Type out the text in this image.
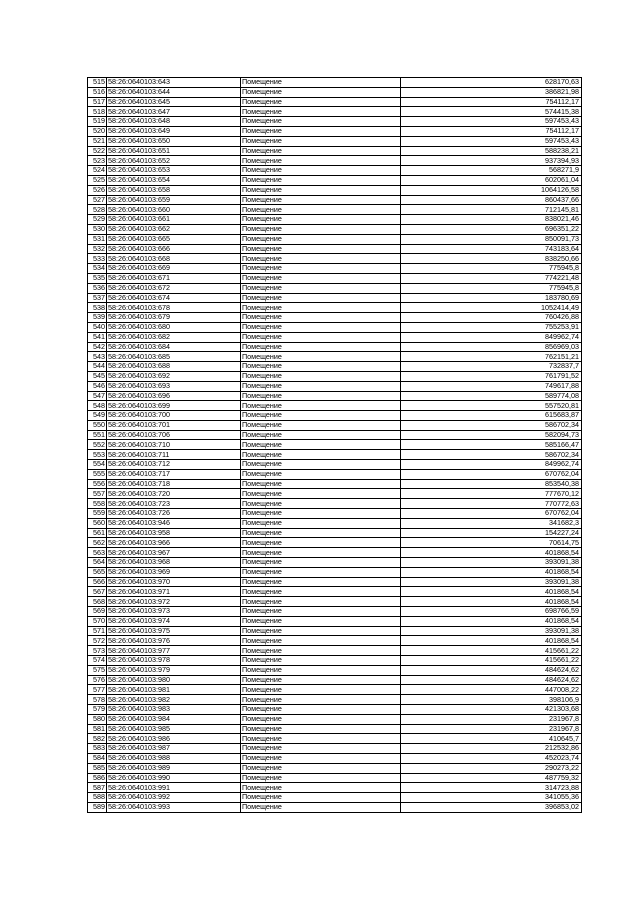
515	58:26:0640103:643	Помещение	628170,63
516	58:26:0640103:644	Помещение	386821,98
517	58:26:0640103:645	Помещение	754112,17
518	58:26:0640103:647	Помещение	574415,38
519	58:26:0640103:648	Помещение	597453,43
520	58:26:0640103:649	Помещение	754112,17
521	58:26:0640103:650	Помещение	597453,43
522	58:26:0640103:651	Помещение	588238,21
523	58:26:0640103:652	Помещение	937394,93
524	58:26:0640103:653	Помещение	568271,9
525	58:26:0640103:654	Помещение	602061,04
526	58:26:0640103:658	Помещение	1064126,58
527	58:26:0640103:659	Помещение	860437,66
528	58:26:0640103:660	Помещение	712145,81
529	58:26:0640103:661	Помещение	838021,46
530	58:26:0640103:662	Помещение	696351,22
531	58:26:0640103:665	Помещение	850091,73
532	58:26:0640103:666	Помещение	743183,64
533	58:26:0640103:668	Помещение	838250,66
534	58:26:0640103:669	Помещение	775945,8
535	58:26:0640103:671	Помещение	774221,48
536	58:26:0640103:672	Помещение	775945,8
537	58:26:0640103:674	Помещение	183780,69
538	58:26:0640103:678	Помещение	1052414,49
539	58:26:0640103:679	Помещение	760426,88
540	58:26:0640103:680	Помещение	755253,91
541	58:26:0640103:682	Помещение	849962,74
542	58:26:0640103:684	Помещение	856969,03
543	58:26:0640103:685	Помещение	762151,21
544	58:26:0640103:688	Помещение	732837,7
545	58:26:0640103:692	Помещение	761791,52
546	58:26:0640103:693	Помещение	749617,88
547	58:26:0640103:696	Помещение	589774,08
548	58:26:0640103:699	Помещение	557520,81
549	58:26:0640103:700	Помещение	615683,87
550	58:26:0640103:701	Помещение	586702,34
551	58:26:0640103:706	Помещение	582094,73
552	58:26:0640103:710	Помещение	585166,47
553	58:26:0640103:711	Помещение	586702,34
554	58:26:0640103:712	Помещение	849962,74
555	58:26:0640103:717	Помещение	670762,04
556	58:26:0640103:718	Помещение	853540,38
557	58:26:0640103:720	Помещение	777670,12
558	58:26:0640103:723	Помещение	770772,63
559	58:26:0640103:726	Помещение	670762,04
560	58:26:0640103:946	Помещение	341682,3
561	58:26:0640103:958	Помещение	154227,24
562	58:26:0640103:966	Помещение	70614,75
563	58:26:0640103:967	Помещение	401868,54
564	58:26:0640103:968	Помещение	393091,38
565	58:26:0640103:969	Помещение	401868,54
566	58:26:0640103:970	Помещение	393091,38
567	58:26:0640103:971	Помещение	401868,54
568	58:26:0640103:972	Помещение	401868,54
569	58:26:0640103:973	Помещение	698766,59
570	58:26:0640103:974	Помещение	401868,54
571	58:26:0640103:975	Помещение	393091,38
572	58:26:0640103:976	Помещение	401868,54
573	58:26:0640103:977	Помещение	415661,22
574	58:26:0640103:978	Помещение	415661,22
575	58:26:0640103:979	Помещение	484624,62
576	58:26:0640103:980	Помещение	484624,62
577	58:26:0640103:981	Помещение	447008,22
578	58:26:0640103:982	Помещение	398106,9
579	58:26:0640103:983	Помещение	421303,68
580	58:26:0640103:984	Помещение	231967,8
581	58:26:0640103:985	Помещение	231967,8
582	58:26:0640103:986	Помещение	410645,7
583	58:26:0640103:987	Помещение	212532,86
584	58:26:0640103:988	Помещение	452023,74
585	58:26:0640103:989	Помещение	290273,22
586	58:26:0640103:990	Помещение	487759,32
587	58:26:0640103:991	Помещение	314723,88
588	58:26:0640103:992	Помещение	341055,36
589	58:26:0640103:993	Помещение	396853,02
